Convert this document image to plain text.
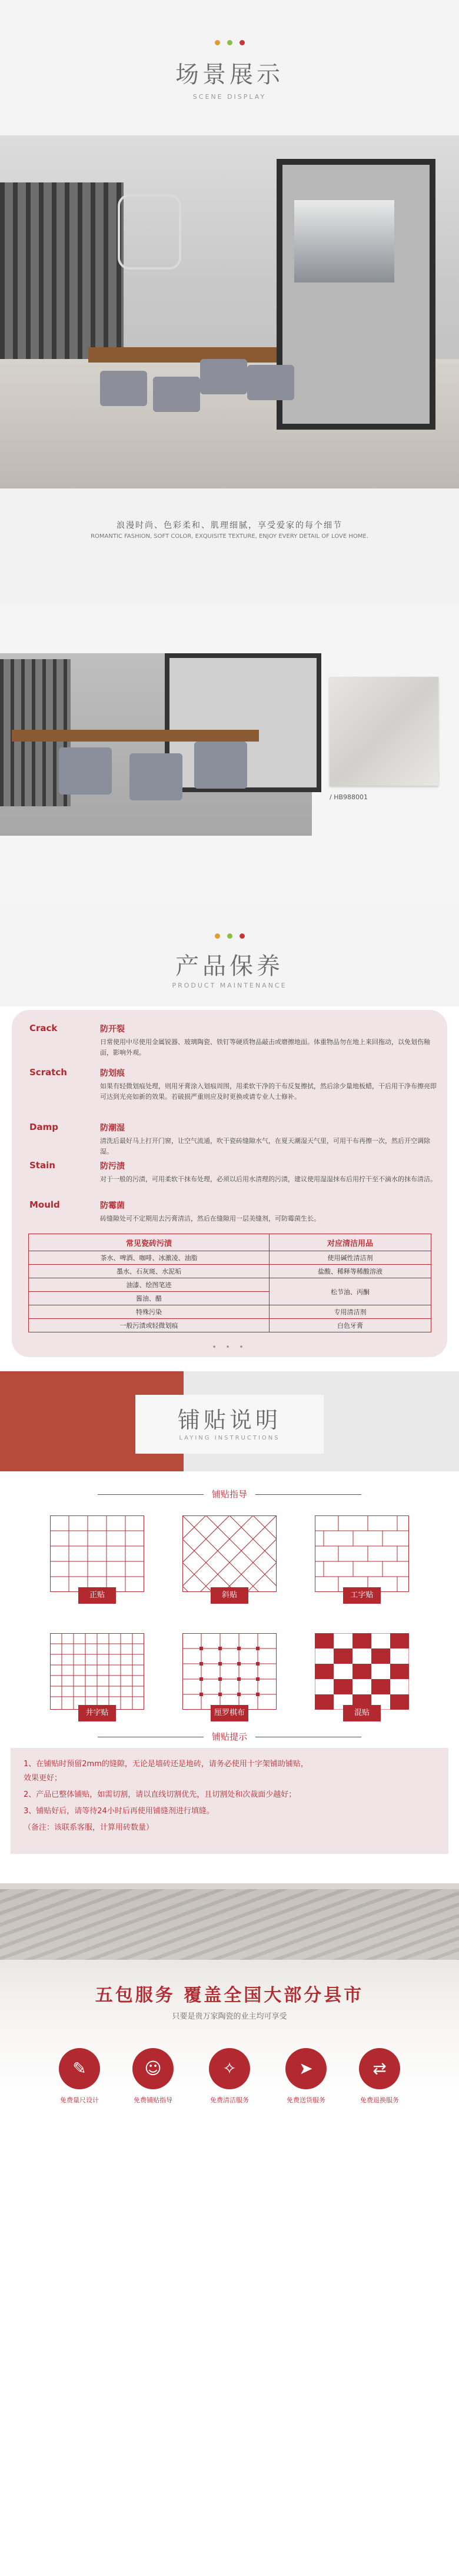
场景展示
SCENE DISPLAY
浪漫时尚、色彩柔和、肌理细腻，享受爱家的每个细节
ROMANTIC FASHION, SOFT COLOR, EXQUISITE TEXTURE, ENJOY EVERY DETAIL OF LOVE HOME.
/ HB988001
产品保养
PRODUCT MAINTENANCE
Crack	防开裂
日常使用中尽使用金属锐器、玻璃陶瓷、铁钉等硬质物品敲击或磨擦地面。体重物品勿在地上来回拖动，以免划伤釉面，影响外观。
Scratch	防划痕
如果有轻微划痕处理，则用牙膏涂入划痕周围，用柔软干净的干布反复擦拭，然后涂少量地板蜡，干后用干净布擦亮即可达到光亮如新的效果。若破损严重则应及时更换或请专业人士修补。
Damp	防潮湿
清洗后最好马上打开门窗，让空气流通，吹干瓷砖缝隙水气，在夏天潮湿天气里，可用干布再擦一次，然后开空调除湿。
Stain	防污渍
对于一般的污渍，可用柔软干抹布处理，必须以后用水清理的污渍，建议使用湿湿抹布后用拧干至不滴水的抹布清洁。
Mould	防霉菌
砖缝隙处可不定期用去污膏清洁，然后在缝隙用一层美缝剂，可防霉菌生长。
常见瓷砖污渍	对应清洁用品
茶水、啤酒、咖啡、冰激凌、油脂	使用碱性清洁剂
墨水、石灰斑、水泥垢	盐酸、稀释等稀酸溶液
油漆、绘图笔迹	松节油、丙酮
酱油、醋	
特殊污染	专用清洁剂
一般污渍或轻微划痕	白色牙膏
• • •
铺贴说明
LAYING INSTRUCTIONS
铺贴指导
正贴	斜贴	工字贴
井字贴	厘罗棋布	混贴
铺贴提示

1、在铺贴时预留2mm的缝隙，无论是墙砖还是地砖，请务必使用十字架铺助铺贴，

效果更好；

2、产品已整体铺贴，如需切割，请以直线切割优先，且切割处和次裁面少越好；

3、铺贴好后，请等待24小时后再使用铺缝剂进行填缝。

（备注：该联系客服，计算用砖数量）

五包服务 覆盖全国大部分县市
只要是贵万家陶瓷的业主均可享受
✎
免费量尺设计
☺
免费铺贴指导
✧
免费清洁服务
➤
免费送货服务
⇄
免费退换服务
